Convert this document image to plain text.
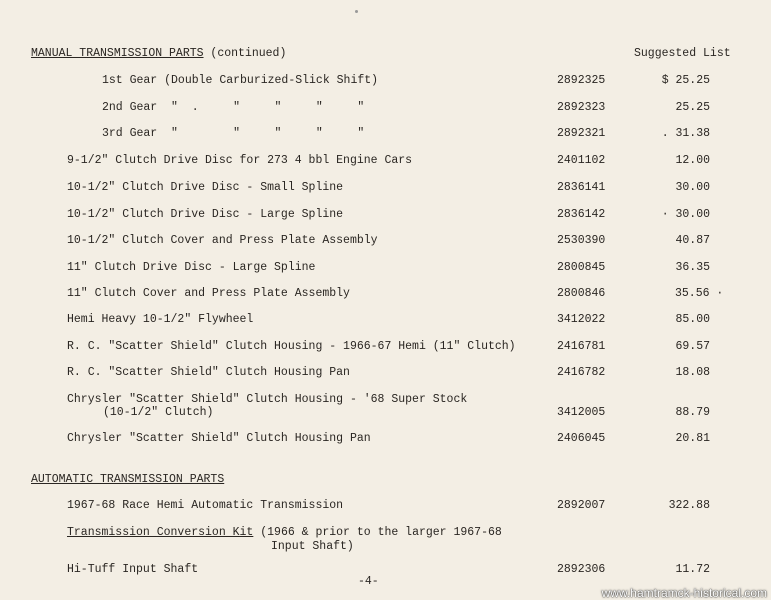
MANUAL TRANSMISSION PARTS (continued)	Suggested List
1st Gear (Double Carburized-Slick Shift)	2892325	$ 25.25
2nd Gear  "  .     "     "     "     "	2892323	25.25
3rd Gear  "        "     "     "     "	2892321	. 31.38
9-1/2" Clutch Drive Disc for 273 4 bbl Engine Cars	2401102	12.00
10-1/2" Clutch Drive Disc - Small Spline	2836141	30.00
10-1/2" Clutch Drive Disc - Large Spline	2836142	· 30.00
10-1/2" Clutch Cover and Press Plate Assembly	2530390	40.87
11" Clutch Drive Disc - Large Spline	2800845	36.35
11" Clutch Cover and Press Plate Assembly	2800846	35.56 ·
Hemi Heavy 10-1/2" Flywheel	3412022	85.00
R. C. "Scatter Shield" Clutch Housing - 1966-67 Hemi (11" Clutch)	2416781	69.57
R. C. "Scatter Shield" Clutch Housing Pan	2416782	18.08
Chrysler "Scatter Shield" Clutch Housing - '68 Super Stock
(10-1/2" Clutch)	3412005	88.79
Chrysler "Scatter Shield" Clutch Housing Pan	2406045	20.81
AUTOMATIC TRANSMISSION PARTS
1967-68 Race Hemi Automatic Transmission	2892007	322.88
Transmission Conversion Kit (1966 & prior to the larger 1967-68
Input Shaft)
Hi-Tuff Input Shaft	2892306	11.72
-4-
www.hamtramck-historical.com
